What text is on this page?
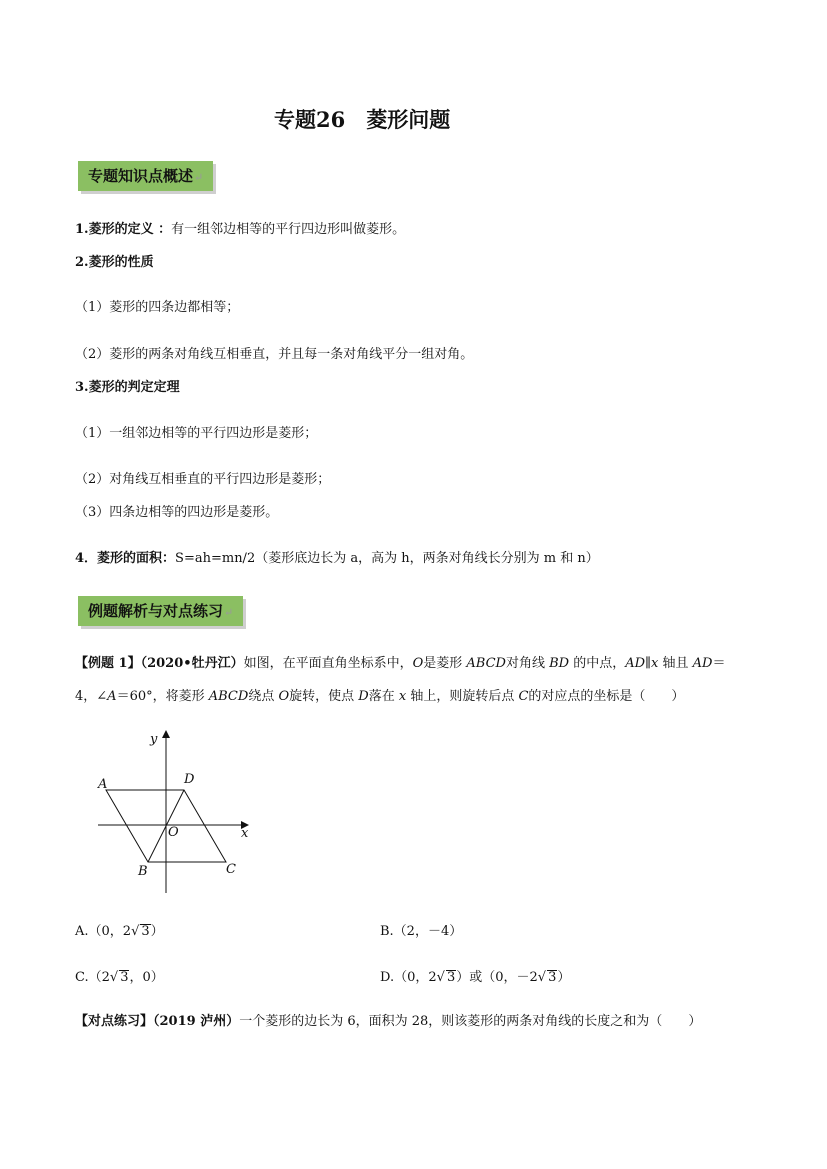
专题26　菱形问题
专题知识点概述↵
1.菱形的定义 ：有一组邻边相等的平行四边形叫做菱形。
2.菱形的性质
（1）菱形的四条边都相等；
（2）菱形的两条对角线互相垂直，并且每一条对角线平分一组对角。
3.菱形的判定定理
（1）一组邻边相等的平行四边形是菱形；
（2）对角线互相垂直的平行四边形是菱形；
（3）四条边相等的四边形是菱形。
4．菱形的面积：S=ah=mn/2（菱形底边长为 a，高为 h，两条对角线长分别为 m 和 n）
例题解析与对点练习↵
【例题 1】（2020•牡丹江）如图，在平面直角坐标系中，O是菱形 ABCD对角线 BD 的中点，AD∥x 轴且 AD＝
4，∠A＝60°，将菱形 ABCD绕点 O旋转，使点 D落在 x 轴上，则旋转后点 C的对应点的坐标是（　　）
y
x
A	D
O
B	C
A.（0，2√ 3）	B.（2，－4）
C.（2√ 3，0）	D.（0，2√ 3）或（0，－2√ 3）
【对点练习】（2019 泸州）一个菱形的边长为 6，面积为 28，则该菱形的两条对角线的长度之和为（　　）
